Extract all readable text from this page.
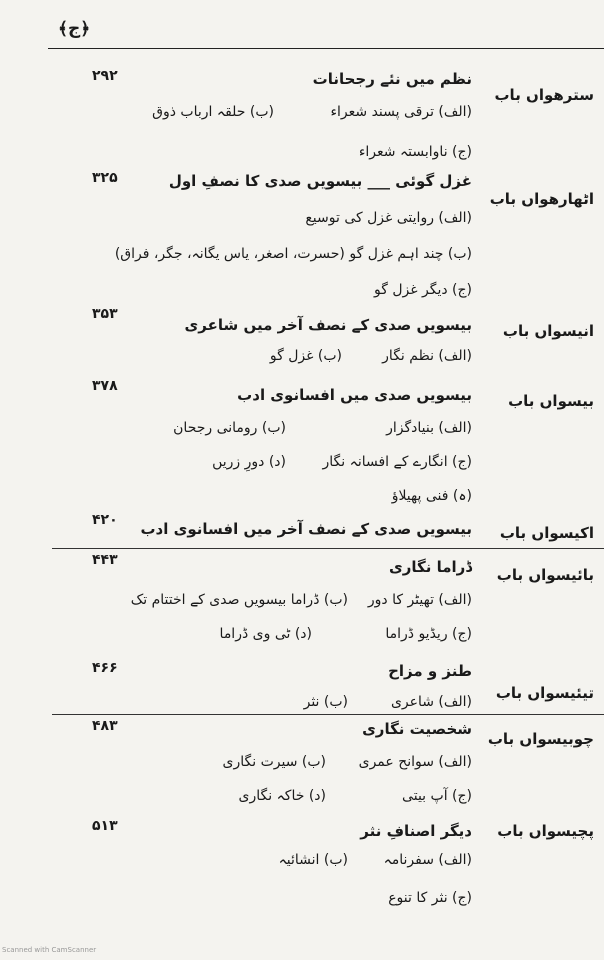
﴿ج﴾
سترھواں باب
۲۹۲	نظم میں نئے رجحانات
(الف) ترقی پسند شعراء
(ب) حلقہ ارباب ذوق
(ج) ناوابستہ شعراء
اٹھارھواں باب
۳۲۵	غزل گوئی ___ بیسویں صدی کا نصفِ اول
(الف) روایتی غزل کی توسیع
(ب) چند اہم غزل گو (حسرت، اصغر، یاس یگانہ، جگر، فراق)
(ج) دیگر غزل گو
انیسواں باب
۳۵۳
بیسویں صدی کے نصف آخر میں شاعری
(الف) نظم نگار
(ب) غزل گو
بیسواں باب
۳۷۸	بیسویں صدی میں افسانوی ادب
(الف) بنیادگزار
(ب) رومانی رجحان
(ج) انگارے کے افسانہ نگار
(د) دورِ زریں
(ہ) فنی پھیلاؤ
اکیسواں باب
۴۲۰ بیسویں صدی کے نصف آخر میں افسانوی ادب
بائیسواں باب
۴۴۳	ڈراما نگاری
(الف) تھیٹر کا دور
(ب) ڈراما بیسویں صدی کے اختتام تک
(ج) ریڈیو ڈراما
(د) ٹی وی ڈراما
تیئیسواں باب
۴۶۶	طنز و مزاح
(الف) شاعری
(ب) نثر
چوبیسواں باب
۴۸۳	شخصیت نگاری
(الف) سوانح عمری
(ب) سیرت نگاری
(ج) آپ بیتی
(د) خاکہ نگاری
پچیسواں باب
۵۱۳	دیگر اصنافِ نثر
(الف) سفرنامہ
(ب) انشائیہ
(ج) نثر کا تنوع
Scanned with CamScanner
